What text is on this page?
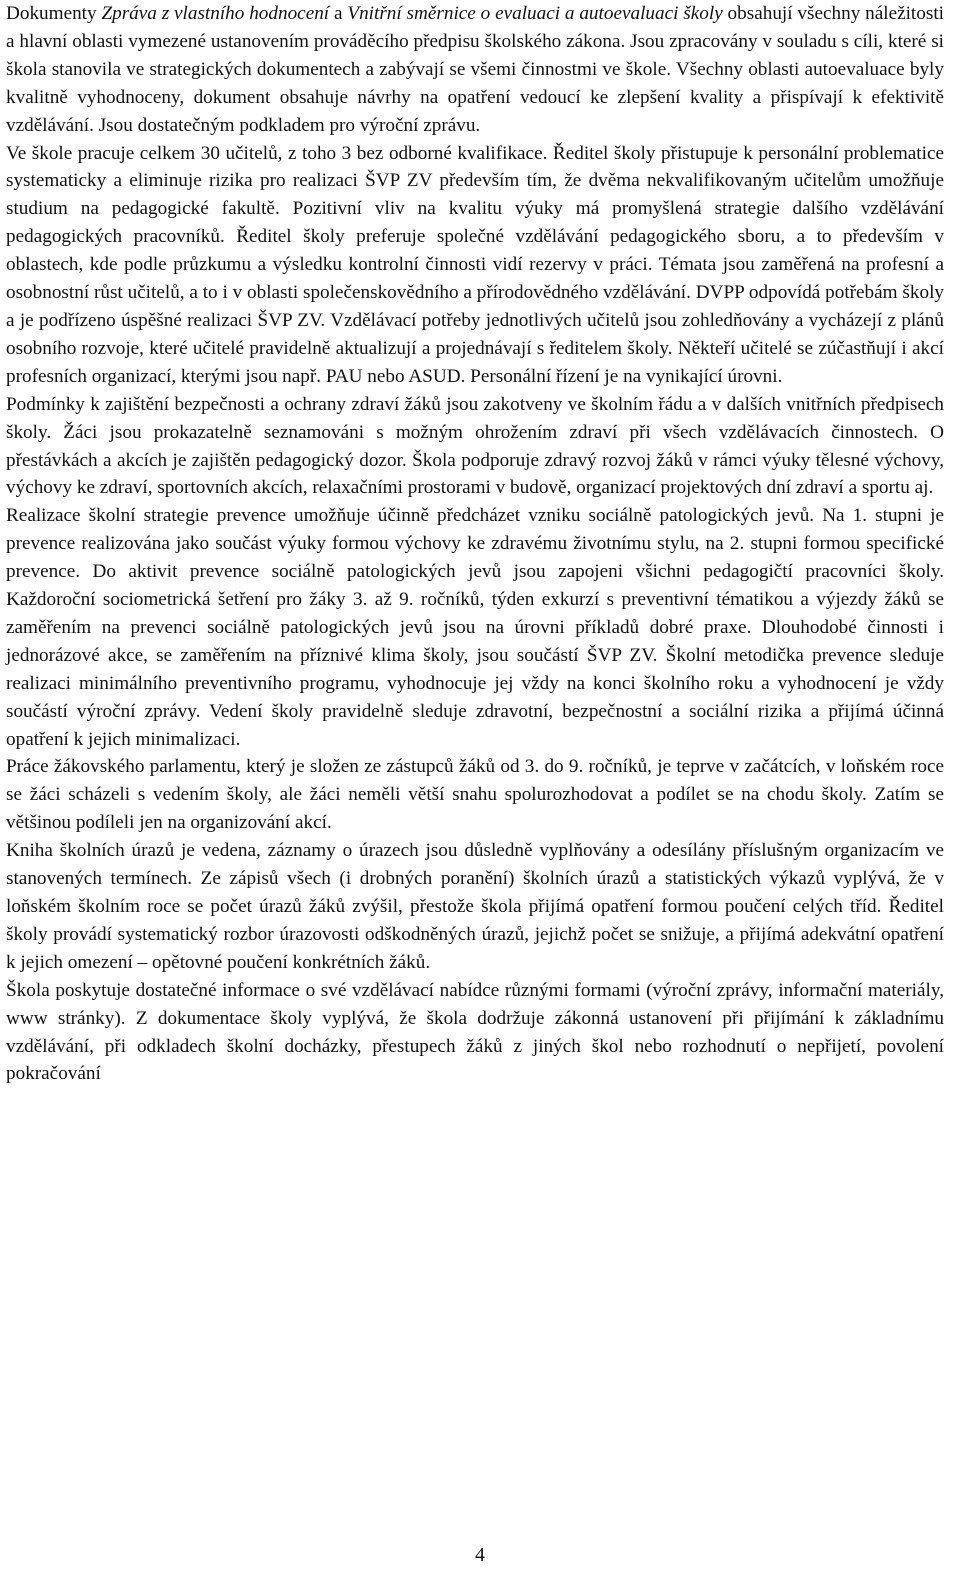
Dokumenty Zpráva z vlastního hodnocení a Vnitřní směrnice o evaluaci a autoevaluaci školy obsahují všechny náležitosti a hlavní oblasti vymezené ustanovením prováděcího předpisu školského zákona. Jsou zpracovány v souladu s cíli, které si škola stanovila ve strategických dokumentech a zabývají se všemi činnostmi ve škole. Všechny oblasti autoevaluace byly kvalitně vyhodnoceny, dokument obsahuje návrhy na opatření vedoucí ke zlepšení kvality a přispívají k efektivitě vzdělávání. Jsou dostatečným podkladem pro výroční zprávu.

Ve škole pracuje celkem 30 učitelů, z toho 3 bez odborné kvalifikace. Ředitel školy přistupuje k personální problematice systematicky a eliminuje rizika pro realizaci ŠVP ZV především tím, že dvěma nekvalifikovaným učitelům umožňuje studium na pedagogické fakultě. Pozitivní vliv na kvalitu výuky má promyšlená strategie dalšího vzdělávání pedagogických pracovníků. Ředitel školy preferuje společné vzdělávání pedagogického sboru, a to především v oblastech, kde podle průzkumu a výsledku kontrolní činnosti vidí rezervy v práci. Témata jsou zaměřená na profesní a osobnostní růst učitelů, a to i v oblasti společenskovědního a přírodovědného vzdělávání. DVPP odpovídá potřebám školy a je podřízeno úspěšné realizaci ŠVP ZV. Vzdělávací potřeby jednotlivých učitelů jsou zohledňovány a vycházejí z plánů osobního rozvoje, které učitelé pravidelně aktualizují a projednávají s ředitelem školy. Někteří učitelé se zúčastňují i akcí profesních organizací, kterými jsou např. PAU nebo ASUD. Personální řízení je na vynikající úrovni.

Podmínky k zajištění bezpečnosti a ochrany zdraví žáků jsou zakotveny ve školním řádu a v dalších vnitřních předpisech školy. Žáci jsou prokazatelně seznamováni s možným ohrožením zdraví při všech vzdělávacích činnostech. O přestávkách a akcích je zajištěn pedagogický dozor. Škola podporuje zdravý rozvoj žáků v rámci výuky tělesné výchovy, výchovy ke zdraví, sportovních akcích, relaxačními prostorami v budově, organizací projektových dní zdraví a sportu aj.

Realizace školní strategie prevence umožňuje účinně předcházet vzniku sociálně patologických jevů. Na 1. stupni je prevence realizována jako součást výuky formou výchovy ke zdravému životnímu stylu, na 2. stupni formou specifické prevence. Do aktivit prevence sociálně patologických jevů jsou zapojeni všichni pedagogičtí pracovníci školy. Každoroční sociometrická šetření pro žáky 3. až 9. ročníků, týden exkurzí s preventivní tématikou a výjezdy žáků se zaměřením na prevenci sociálně patologických jevů jsou na úrovni příkladů dobré praxe. Dlouhodobé činnosti i jednorázové akce, se zaměřením na příznivé klima školy, jsou součástí ŠVP ZV. Školní metodička prevence sleduje realizaci minimálního preventivního programu, vyhodnocuje jej vždy na konci školního roku a vyhodnocení je vždy součástí výroční zprávy. Vedení školy pravidelně sleduje zdravotní, bezpečnostní a sociální rizika a přijímá účinná opatření k jejich minimalizaci.

Práce žákovského parlamentu, který je složen ze zástupců žáků od 3. do 9. ročníků, je teprve v začátcích, v loňském roce se žáci scházeli s vedením školy, ale žáci neměli větší snahu spolurozhodovat a podílet se na chodu školy. Zatím se většinou podíleli jen na organizování akcí.

Kniha školních úrazů je vedena, záznamy o úrazech jsou důsledně vyplňovány a odesílány příslušným organizacím ve stanovených termínech. Ze zápisů všech (i drobných poranění) školních úrazů a statistických výkazů vyplývá, že v loňském školním roce se počet úrazů žáků zvýšil, přestože škola přijímá opatření formou poučení celých tříd. Ředitel školy provádí systematický rozbor úrazovosti odškodněných úrazů, jejichž počet se snižuje, a přijímá adekvátní opatření k jejich omezení – opětovné poučení konkrétních žáků.

Škola poskytuje dostatečné informace o své vzdělávací nabídce různými formami (výroční zprávy, informační materiály, www stránky). Z dokumentace školy vyplývá, že škola dodržuje zákonná ustanovení při přijímání k základnímu vzdělávání, při odkladech školní docházky, přestupech žáků z jiných škol nebo rozhodnutí o nepřijetí, povolení pokračování

4
